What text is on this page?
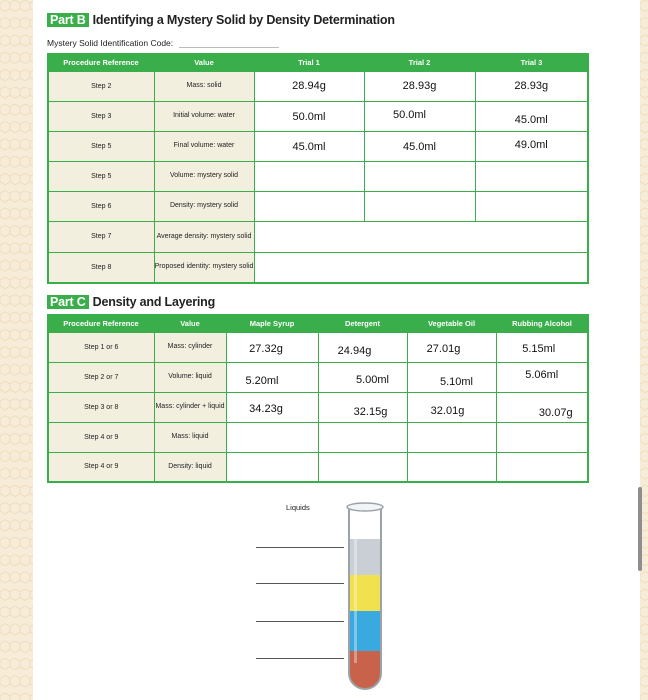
Part B Identifying a Mystery Solid by Density Determination
Mystery Solid Identification Code:
Procedure Reference	Value	Trial 1	Trial 2	Trial 3
Step 2	Mass: solid	28.94g	28.93g	28.93g

Step 3	Initial volume: water	50.0ml	50.0ml	45.0ml

Step 5	Final volume: water	45.0ml	45.0ml	49.0ml

Step 5	Volume: mystery solid			
Step 6	Density: mystery solid			
Step 7	Average density: mystery solid			
Step 8	Proposed identity: mystery solid			
Part C Density and Layering
Procedure Reference	Value	Maple Syrup	Detergent	Vegetable Oil	Rubbing Alcohol
Step 1 or 6	Mass: cylinder	27.32g	24.94g	27.01g	5.15ml

Step 2 or 7	Volume: liquid	5.20ml	5.00ml	5.10ml	5.06ml

Step 3 or 8	Mass: cylinder + liquid	34.23g	32.15g	32.01g	30.07g

Step 4 or 9	Mass: liquid				
Step 4 or 9	Density: liquid				
Liquids
